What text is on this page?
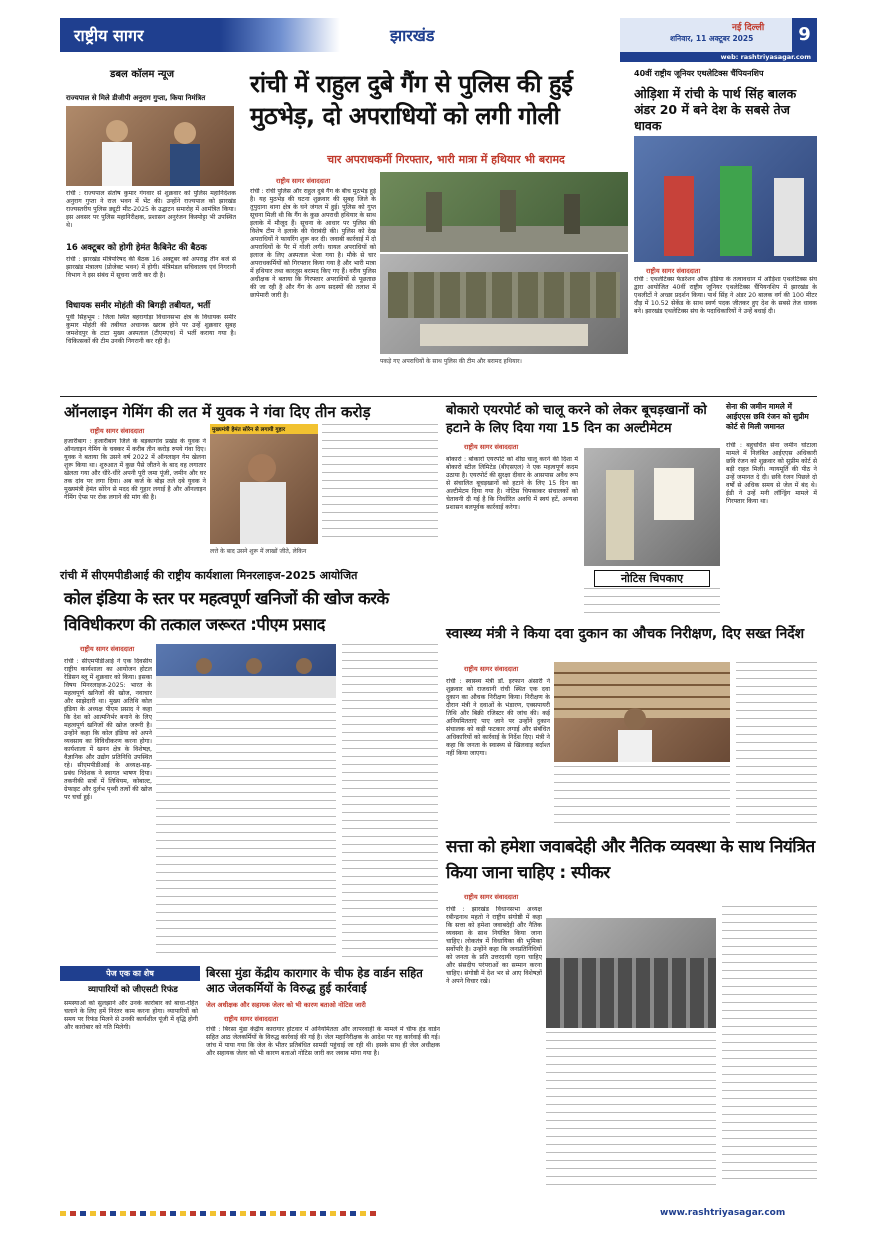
राष्ट्रीय सागर	झारखंड	नई दिल्ली
शनिवार, 11 अक्टूबर 2025	9
web: rashtriyasagar.com
डबल कॉलम न्यूज
राज्यपाल से मिले डीजीपी अनुराग गुप्ता, किया निमंत्रित
रांची : राज्यपाल संतोष कुमार गंगवार से शुक्रवार को पुलिस महानिदेशक अनुराग गुप्ता ने राज भवन में भेंट की। उन्होंने राज्यपाल को झारखंड राज्यस्तरीय पुलिस ड्यूटी मीट-2025 के उद्घाटन समारोह में आमंत्रित किया। इस अवसर पर पुलिस महानिरीक्षक, प्रशासन अनुरंजन किस्पोट्टा भी उपस्थित थे।
16 अक्टूबर को होगी हेमंत कैबिनेट की बैठक
रांची : झारखंड मंत्रिपरिषद की बैठक 16 अक्टूबर को अपराह्न तीन बजे से झारखंड मंत्रालय (प्रोजेक्ट भवन) में होगी। मंत्रिमंडल सचिवालय एवं निगरानी विभाग ने इस संबंध में सूचना जारी कर दी है।
विधायक समीर मोहंती की बिगड़ी तबीयत, भर्ती
पूर्वी सिंहभूम : जिला स्थित बहरागोड़ा विधानसभा क्षेत्र के विधायक समीर कुमार मोहंती की तबीयत अचानक खराब होने पर उन्हें शुक्रवार सुबह जमशेदपुर के टाटा मुख्य अस्पताल (टीएमएच) में भर्ती कराया गया है। चिकित्सकों की टीम उनकी निगरानी कर रही है।
रांची में राहुल दुबे गैंग से पुलिस की हुई मुठभेड़, दो अपराधियों को लगी गोली
चार अपराधकर्मी गिरफ्तार, भारी मात्रा में हथियार भी बरामद
राष्ट्रीय सागर संवाददाता
रांची : रांची पुलिस और राहुल दुबे गैंग के बीच मुठभेड़ हुई है। यह मुठभेड़ की घटना शुक्रवार की सुबह जिले के तुपुदाना थाना क्षेत्र के घने जंगल में हुई। पुलिस को गुप्त सूचना मिली थी कि गैंग के कुछ अपराधी हथियार के साथ इलाके में मौजूद हैं। सूचना के आधार पर पुलिस की विशेष टीम ने इलाके की घेराबंदी की। पुलिस को देख अपराधियों ने फायरिंग शुरू कर दी। जवाबी कार्रवाई में दो अपराधियों के पैर में गोली लगी। घायल अपराधियों को इलाज के लिए अस्पताल भेजा गया है। मौके से चार अपराधकर्मियों को गिरफ्तार किया गया है और भारी मात्रा में हथियार तथा कारतूस बरामद किए गए हैं। वरीय पुलिस अधीक्षक ने बताया कि गिरफ्तार अपराधियों से पूछताछ की जा रही है और गैंग के अन्य सदस्यों की तलाश में छापेमारी जारी है।
पकड़े गए अपराधियों के साथ पुलिस की टीम और बरामद हथियार।
40वीं राष्ट्रीय जूनियर एथलेटिक्स चैंपियनशिप
ओड़िशा में रांची के पार्थ सिंह बालक अंडर 20 में बने देश के सबसे तेज धावक
राष्ट्रीय सागर संवाददाता
रांची : एथलेटिक्स फेडरेशन ऑफ इंडिया के तत्वावधान में ओड़िशा एथलेटिक्स संघ द्वारा आयोजित 40वीं राष्ट्रीय जूनियर एथलेटिक्स चैंपियनशिप में झारखंड के एथलीटों ने अच्छा प्रदर्शन किया। पार्थ सिंह ने अंडर 20 बालक वर्ग की 100 मीटर दौड़ में 10.52 सेकेंड के साथ स्वर्ण पदक जीतकर हुए देश के सबसे तेज धावक बने। झारखंड एथलेटिक्स संघ के पदाधिकारियों ने उन्हें बधाई दी।
ऑनलाइन गेमिंग की लत में युवक ने गंवा दिए तीन करोड़
राष्ट्रीय सागर संवाददाता
हजारीबाग : हजारीबाग जिले के बड़कागांव प्रखंड के युवक ने ऑनलाइन गेमिंग के चक्कर में करीब तीन करोड़ रुपये गंवा दिए। युवक ने बताया कि उसने वर्ष 2022 में ऑनलाइन गेम खेलना शुरू किया था। शुरुआत में कुछ पैसे जीतने के बाद वह लगातार खेलता गया और धीरे-धीरे अपनी पूरी जमा पूंजी, जमीन और घर तक दांव पर लगा दिया। अब कर्ज के बोझ तले दबे युवक ने मुख्यमंत्री हेमंत सोरेन से मदद की गुहार लगाई है और ऑनलाइन गेमिंग ऐप्स पर रोक लगाने की मांग की है।
मुख्यमंत्री हेमंत सोरेन से लगायी गुहार
लत्ते के बाद उसने शुरू में लाखों जीते, लेकिन
बोकारो एयरपोर्ट को चालू करने को लेकर बूचड़खानों को हटाने के लिए दिया गया 15 दिन का अल्टीमेटम
राष्ट्रीय सागर संवाददाता
बोकारो : बोकारो एयरपोर्ट को शीघ्र चालू करने की दिशा में बोकारो स्टील लिमिटेड (बीएसएल) ने एक महत्वपूर्ण कदम उठाया है। एयरपोर्ट की सुरक्षा दीवार के आसपास अवैध रूप से संचालित बूचड़खानों को हटाने के लिए 15 दिन का अल्टीमेटम दिया गया है। नोटिस चिपकाकर संचालकों को चेतावनी दी गई है कि निर्धारित अवधि में स्वयं हटें, अन्यथा प्रशासन बलपूर्वक कार्रवाई करेगा।
नोटिस चिपकाए
सेना की जमीन मामले में आईएएस छवि रंजन को सुप्रीम कोर्ट से मिली जमानत
रांची : बहुचर्चित सेना जमीन घोटाला मामले में निलंबित आईएएस अधिकारी छवि रंजन को शुक्रवार को सुप्रीम कोर्ट से बड़ी राहत मिली। न्यायमूर्ति की पीठ ने उन्हें जमानत दे दी। छवि रंजन पिछले दो वर्षों से अधिक समय से जेल में बंद थे। ईडी ने उन्हें मनी लॉन्ड्रिंग मामले में गिरफ्तार किया था।
रांची में सीएमपीडीआई की राष्ट्रीय कार्यशाला मिनरलाइज-2025 आयोजित
कोल इंडिया के स्तर पर महत्वपूर्ण खनिजों की खोज करके विविधीकरण की तत्काल जरूरत :पीएम प्रसाद
राष्ट्रीय सागर संवाददाता
रांची : सीएमपीडीआई ने एक दिवसीय राष्ट्रीय कार्यशाला का आयोजन होटल रेडिसन ब्लू में शुक्रवार को किया। इसका विषय मिनरलाइज-2025: भारत के महत्वपूर्ण खनिजों की खोज, नवाचार और साझेदारी था। मुख्य अतिथि कोल इंडिया के अध्यक्ष पीएम प्रसाद ने कहा कि देश को आत्मनिर्भर बनाने के लिए महत्वपूर्ण खनिजों की खोज जरूरी है। उन्होंने कहा कि कोल इंडिया को अपने व्यवसाय का विविधीकरण करना होगा। कार्यशाला में खनन क्षेत्र के विशेषज्ञ, वैज्ञानिक और उद्योग प्रतिनिधि उपस्थित रहे। सीएमपीडीआई के अध्यक्ष-सह-प्रबंध निदेशक ने स्वागत भाषण दिया। तकनीकी सत्रों में लिथियम, कोबाल्ट, ग्रेफाइट और दुर्लभ पृथ्वी तत्वों की खोज पर चर्चा हुई।
स्वास्थ्य मंत्री ने किया दवा दुकान का औचक निरीक्षण, दिए सख्त निर्देश
राष्ट्रीय सागर संवाददाता
रांची : स्वास्थ्य मंत्री डॉ. इरफान अंसारी ने शुक्रवार को राजधानी रांची स्थित एक दवा दुकान का औचक निरीक्षण किया। निरीक्षण के दौरान मंत्री ने दवाओं के भंडारण, एक्सपायरी तिथि और बिक्री रजिस्टर की जांच की। कई अनियमितताएं पाए जाने पर उन्होंने दुकान संचालक को कड़ी फटकार लगाई और संबंधित अधिकारियों को कार्रवाई के निर्देश दिए। मंत्री ने कहा कि जनता के स्वास्थ्य से खिलवाड़ बर्दाश्त नहीं किया जाएगा।
सत्ता को हमेशा जवाबदेही और नैतिक व्यवस्था के साथ नियंत्रित किया जाना चाहिए : स्पीकर
राष्ट्रीय सागर संवाददाता
रांची : झारखंड विधानसभा अध्यक्ष रबीन्द्रनाथ महतो ने राष्ट्रीय संगोष्ठी में कहा कि सत्ता को हमेशा जवाबदेही और नैतिक व्यवस्था के साथ नियंत्रित किया जाना चाहिए। लोकतंत्र में विधायिका की भूमिका सर्वोपरि है। उन्होंने कहा कि जनप्रतिनिधियों को जनता के प्रति उत्तरदायी रहना चाहिए और संसदीय परंपराओं का सम्मान करना चाहिए। संगोष्ठी में देश भर से आए विशेषज्ञों ने अपने विचार रखे।
पेज एक का शेष
व्यापारियों को जीएसटी रिफंड
समस्याओं को सुलझाने और उनके कारोबार को बाधा-रहित चलाने के लिए हमें निरंतर काम करना होगा। व्यापारियों को समय पर रिफंड मिलने से उनकी कार्यशील पूंजी में वृद्धि होगी और कारोबार को गति मिलेगी।
बिरसा मुंडा केंद्रीय कारागार के चीफ हेड वार्डन सहित आठ जेलकर्मियों के विरुद्ध हुई कार्रवाई
जेल अधीक्षक और सहायक जेलर को भी कारण बताओ नोटिस जारी
राष्ट्रीय सागर संवाददाता
रांची : बिरसा मुंडा केंद्रीय कारागार होटवार में अनियमितता और लापरवाही के मामले में चीफ हेड वार्डन सहित आठ जेलकर्मियों के विरुद्ध कार्रवाई की गई है। जेल महानिरीक्षक के आदेश पर यह कार्रवाई की गई। जांच में पाया गया कि जेल के भीतर प्रतिबंधित सामग्री पहुंचाई जा रही थी। इसके साथ ही जेल अधीक्षक और सहायक जेलर को भी कारण बताओ नोटिस जारी कर जवाब मांगा गया है।
www.rashtriyasagar.com
